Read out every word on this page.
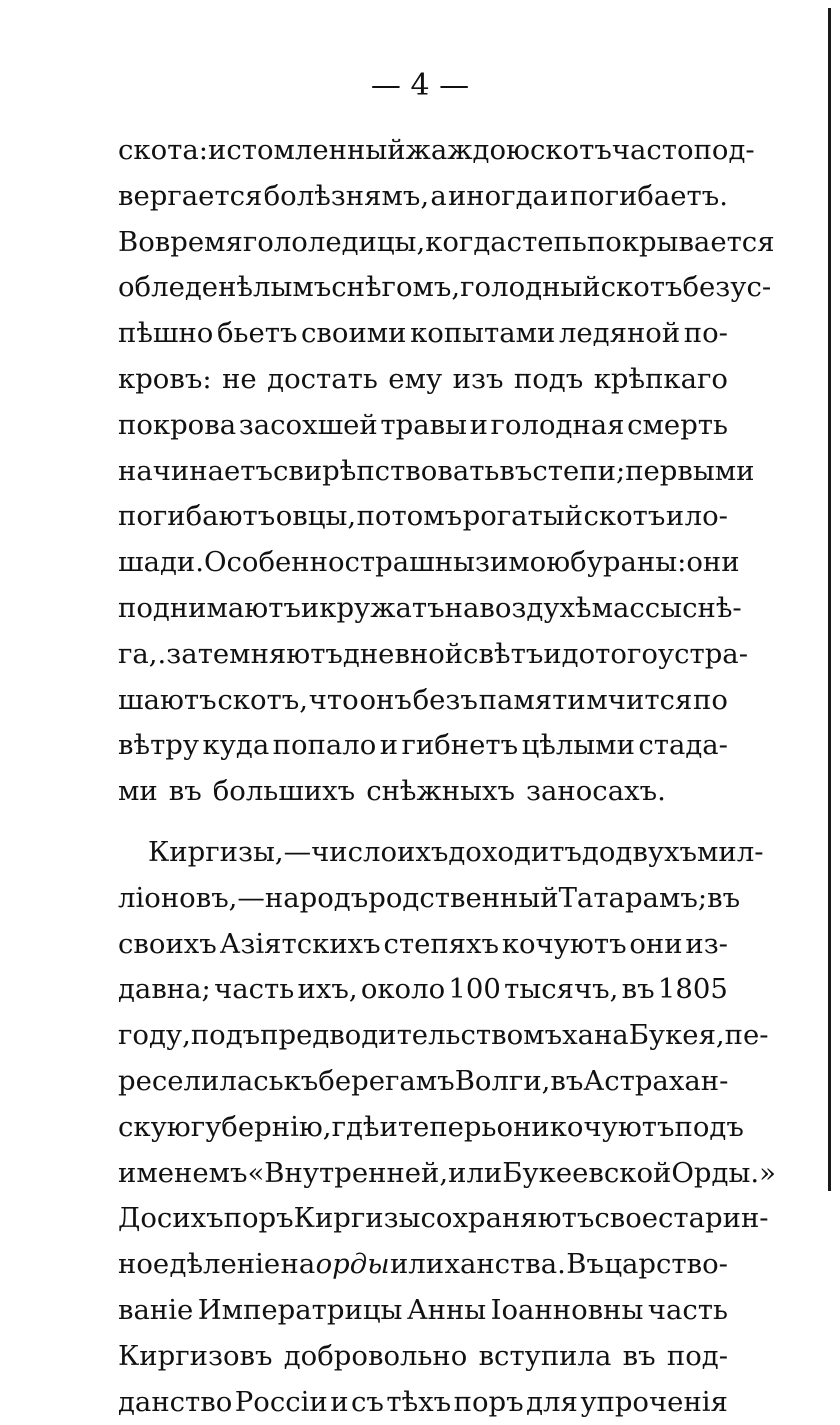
— 4 —
скота: истомленный жаждою скотъ часто под-
вергается болѣзнямъ, а иногда и погибаетъ.
Во время гололедицы, когда степь покрывается
обледенѣлымъ снѣгомъ, голодный скотъ безус-
пѣшно бьетъ своими копытами ледяной по-
кровъ: не достать ему изъ подъ крѣпкаго
покрова засохшей травы и голодная смерть
начинаетъ свирѣпствовать въ степи; первыми
погибаютъ овцы, потомъ рогатый скотъ и ло-
шади. Особенно страшны зимою бураны: они
поднимаютъ и кружатъ на воздухѣ массы снѣ-
га,. затемняютъ дневной свѣтъ и до того устра-
шаютъ скотъ, что онъ безъ памяти мчится по
вѣтру куда попало и гибнетъ цѣлыми стада-
ми въ большихъ снѣжныхъ заносахъ.
Киргизы,—число ихъ доходитъ до двухъ мил-
ліоновъ,—народъ родственный Татарамъ; въ
своихъ Азіятскихъ степяхъ кочуютъ они из-
давна; часть ихъ, около 100 тысячъ, въ 1805
году, подъ предводительствомъ хана Букея, пе-
реселилась къ берегамъ Волги, въ Астрахан-
скую губернію, гдѣ и теперь они кочуютъ подъ
именемъ «Внутренней, или Букеевской Орды.»
До сихъ поръ Киргизы сохраняютъ свое старин-
ное дѣленіе на орды или ханства. Въ царство-
ваніе Императрицы Анны Іоанновны часть
Киргизовъ добровольно вступила въ под-
данство Россіи и съ тѣхъ поръ для упроченія
